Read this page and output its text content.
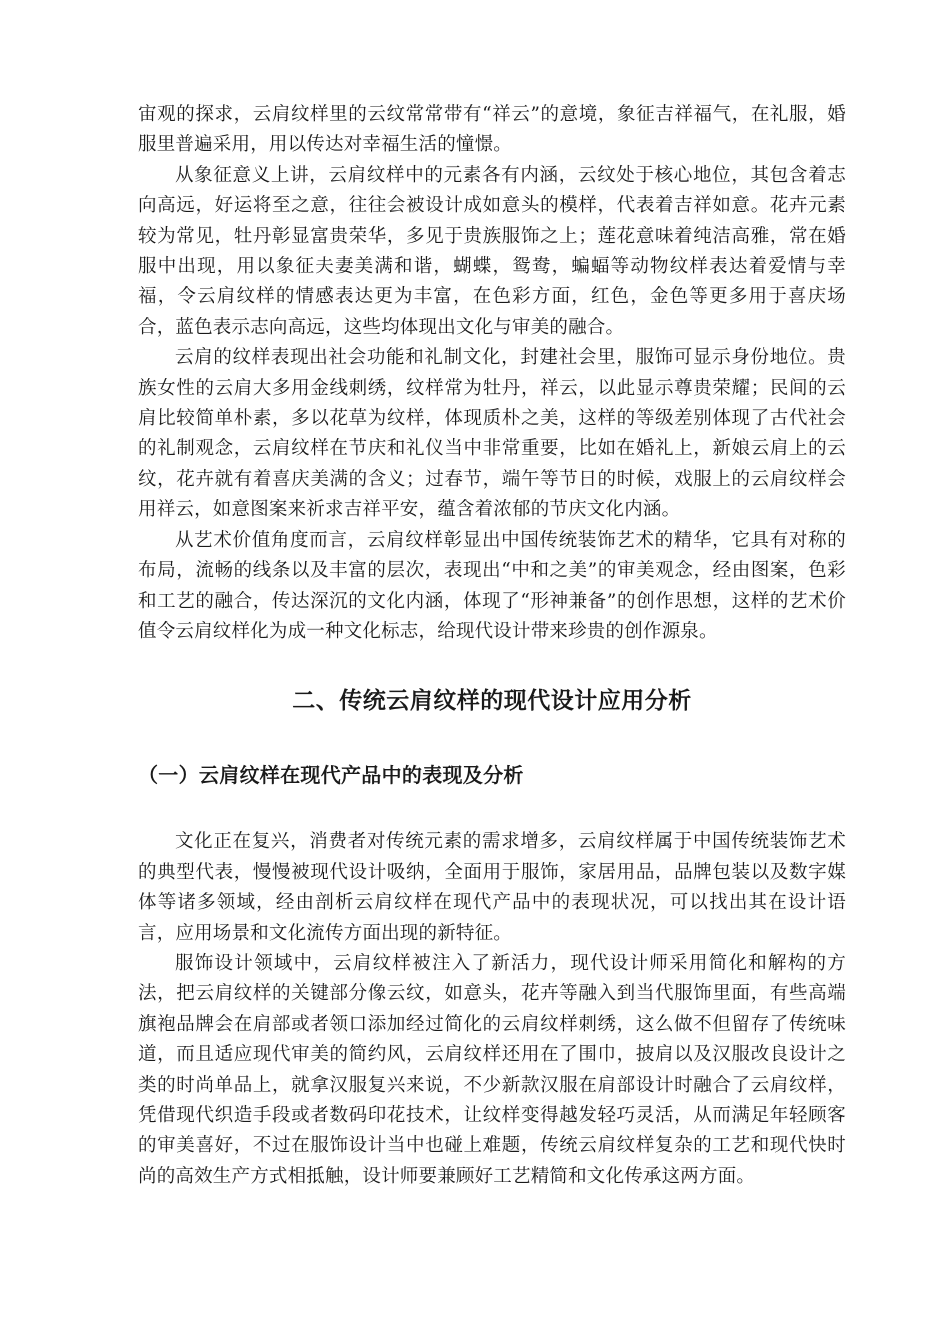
宙观的探求，云肩纹样里的云纹常常带有“祥云”的意境，象征吉祥福气，在礼服，婚服里普遍采用，用以传达对幸福生活的憧憬。

从象征意义上讲，云肩纹样中的元素各有内涵，云纹处于核心地位，其包含着志向高远，好运将至之意，往往会被设计成如意头的模样，代表着吉祥如意。花卉元素较为常见，牡丹彰显富贵荣华，多见于贵族服饰之上；莲花意味着纯洁高雅，常在婚服中出现，用以象征夫妻美满和谐，蝴蝶，鸳鸯，蝙蝠等动物纹样表达着爱情与幸福，令云肩纹样的情感表达更为丰富，在色彩方面，红色，金色等更多用于喜庆场合，蓝色表示志向高远，这些均体现出文化与审美的融合。

云肩的纹样表现出社会功能和礼制文化，封建社会里，服饰可显示身份地位。贵族女性的云肩大多用金线刺绣，纹样常为牡丹，祥云，以此显示尊贵荣耀；民间的云肩比较简单朴素，多以花草为纹样，体现质朴之美，这样的等级差别体现了古代社会的礼制观念，云肩纹样在节庆和礼仪当中非常重要，比如在婚礼上，新娘云肩上的云纹，花卉就有着喜庆美满的含义；过春节，端午等节日的时候，戏服上的云肩纹样会用祥云，如意图案来祈求吉祥平安，蕴含着浓郁的节庆文化内涵。

从艺术价值角度而言，云肩纹样彰显出中国传统装饰艺术的精华，它具有对称的布局，流畅的线条以及丰富的层次，表现出“中和之美”的审美观念，经由图案，色彩和工艺的融合，传达深沉的文化内涵，体现了“形神兼备”的创作思想，这样的艺术价值令云肩纹样化为成一种文化标志，给现代设计带来珍贵的创作源泉。

二、传统云肩纹样的现代设计应用分析
（一）云肩纹样在现代产品中的表现及分析

文化正在复兴，消费者对传统元素的需求增多，云肩纹样属于中国传统装饰艺术的典型代表，慢慢被现代设计吸纳，全面用于服饰，家居用品，品牌包装以及数字媒体等诸多领域，经由剖析云肩纹样在现代产品中的表现状况，可以找出其在设计语言，应用场景和文化流传方面出现的新特征。

服饰设计领域中，云肩纹样被注入了新活力，现代设计师采用简化和解构的方法，把云肩纹样的关键部分像云纹，如意头，花卉等融入到当代服饰里面，有些高端旗袍品牌会在肩部或者领口添加经过简化的云肩纹样刺绣，这么做不但留存了传统味道，而且适应现代审美的简约风，云肩纹样还用在了围巾，披肩以及汉服改良设计之类的时尚单品上，就拿汉服复兴来说，不少新款汉服在肩部设计时融合了云肩纹样，凭借现代织造手段或者数码印花技术，让纹样变得越发轻巧灵活，从而满足年轻顾客的审美喜好，不过在服饰设计当中也碰上难题，传统云肩纹样复杂的工艺和现代快时尚的高效生产方式相抵触，设计师要兼顾好工艺精简和文化传承这两方面。
